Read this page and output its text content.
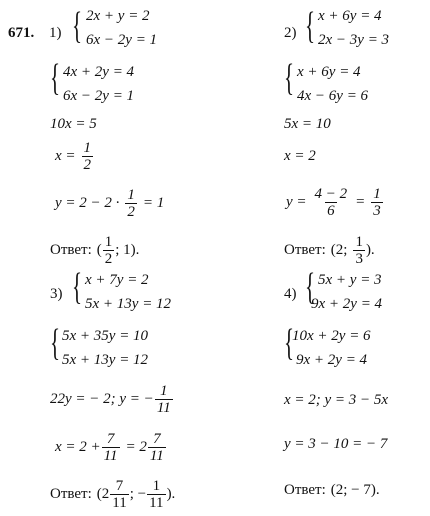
671. 1) { 2x + y = 2
6x − 2y = 1
{ 4x + 2y = 4
6x − 2y = 1
10x = 5
$x = \frac{1}{2}$
$y = 2 - 2 \cdot \frac{1}{2} = 1$
Ответ: ( $\frac{1}{2}$ ; 1).
2) { x + 6y = 4
2x − 3y = 3
{ x + 6y = 4
4x − 6y = 6
5x = 10
x = 2
$y = \frac{4 - 2}{6} = \frac{1}{3}$
Ответ: (2; $\frac{1}{3}$ ).
3) { x + 7y = 2
5x + 13y = 12
{ 5x + 35y = 10
5x + 13y = 12
22y = − 2; y = − $\frac{1}{11}$
$x = 2 + \frac{7}{11} = 2 \frac{7}{11}$
Ответ: ($2 \frac{7}{11}$ ; − $\frac{1}{11}$ ).
4) { 5x + y = 3
9x + 2y = 4
{
10x + 2y = 6
9x + 2y = 4
x = 2; y = 3 − 5x
y = 3 − 10 = − 7
Ответ: (2; − 7).
